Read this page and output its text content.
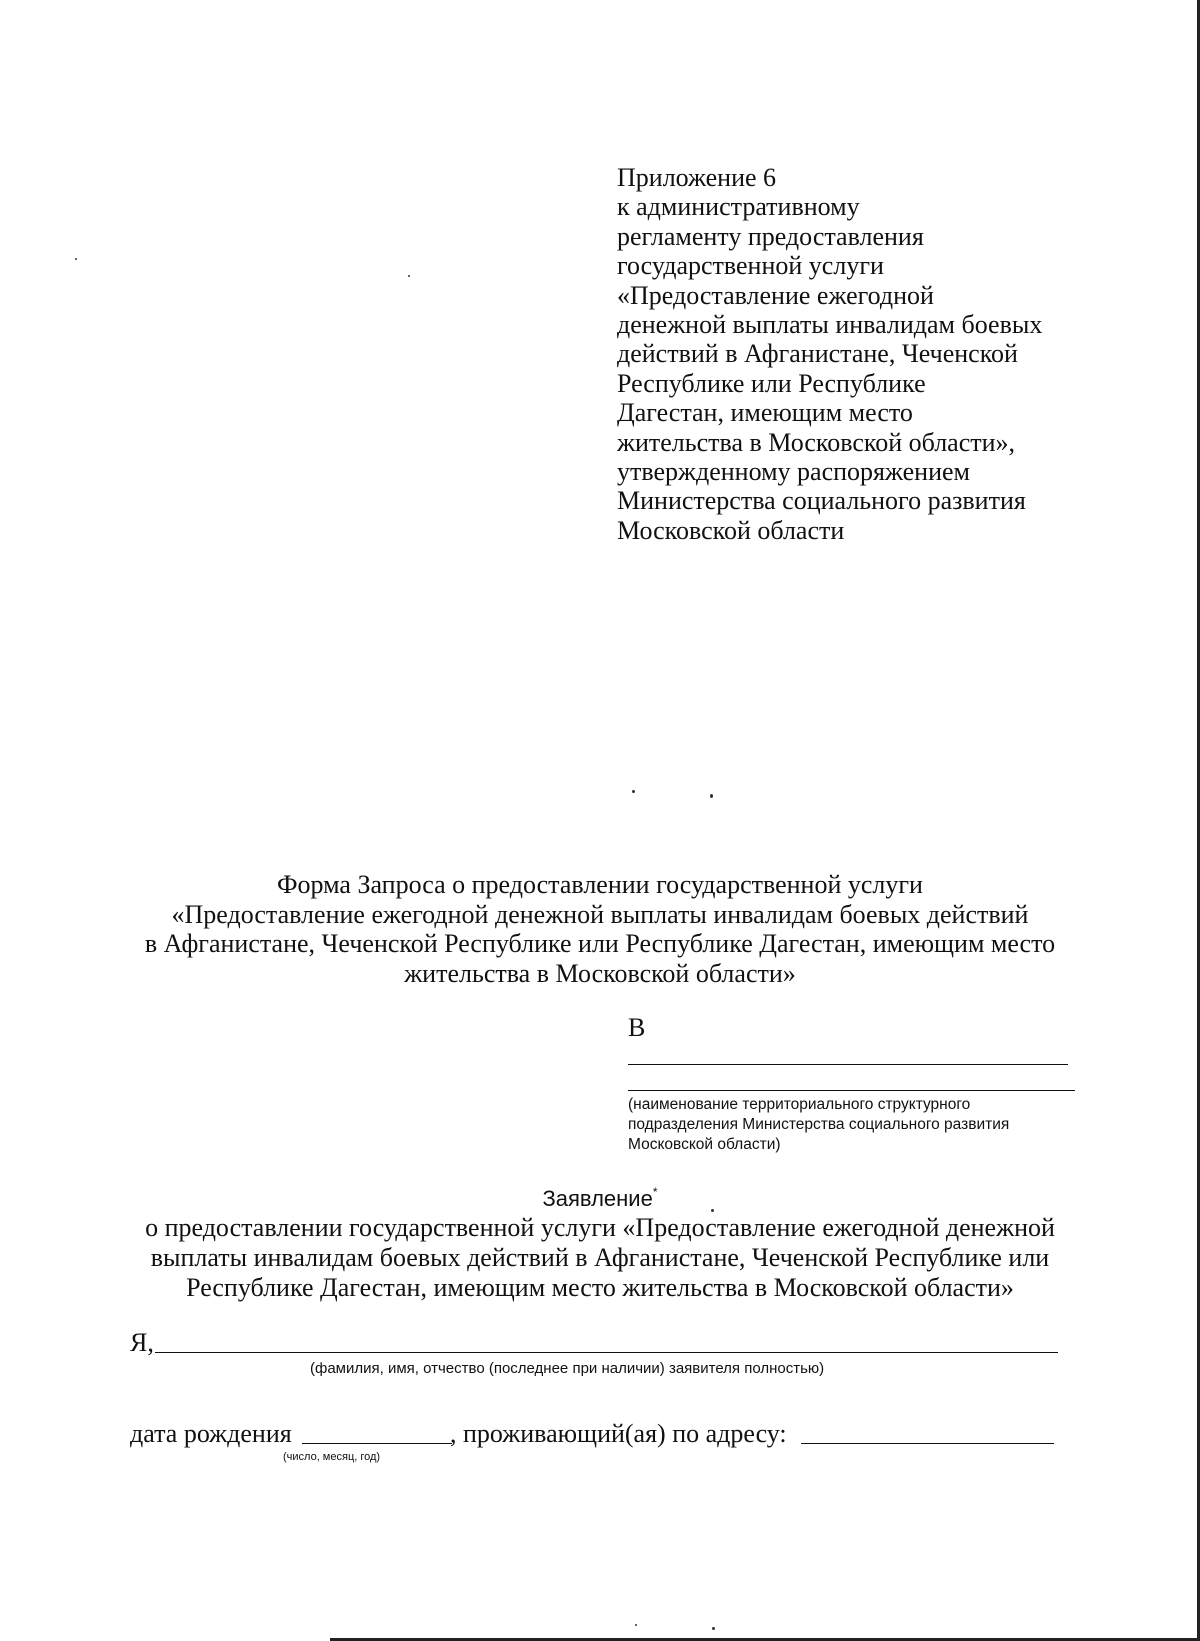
Приложение 6
к административному
регламенту предоставления
государственной услуги
«Предоставление ежегодной
денежной выплаты инвалидам боевых
действий в Афганистане, Чеченской
Республике или Республике
Дагестан, имеющим место
жительства в Московской области»,
утвержденному распоряжением
Министерства социального развития
Московской области
Форма Запроса о предоставлении государственной услуги
«Предоставление ежегодной денежной выплаты инвалидам боевых действий
в Афганистане, Чеченской Республике или Республике Дагестан, имеющим место
жительства в Московской области»
В
(наименование территориального структурного
подразделения Министерства социального развития
Московской области)
Заявление*
о предоставлении государственной услуги «Предоставление ежегодной денежной
выплаты инвалидам боевых действий в Афганистане, Чеченской Республике или
Республике Дагестан, имеющим место жительства в Московской области»
Я,
(фамилия, имя, отчество (последнее при наличии) заявителя полностью)
дата рождения	, проживающий(ая) по адресу:
(число, месяц, год)
